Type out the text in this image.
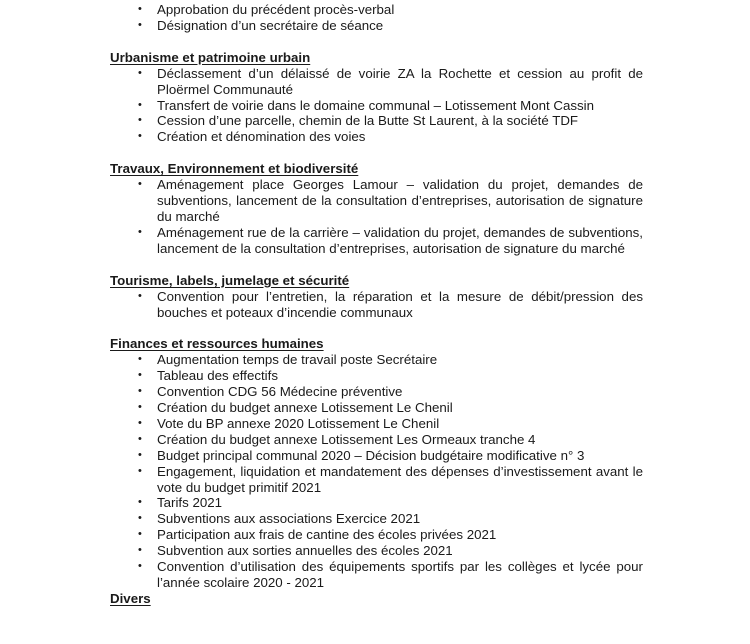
• Approbation du précédent procès-verbal
• Désignation d’un secrétaire de séance
Urbanisme et patrimoine urbain
• Déclassement d’un délaissé de voirie ZA la Rochette et cession au profit de Ploërmel Communauté
• Transfert de voirie dans le domaine communal – Lotissement Mont Cassin
• Cession d’une parcelle, chemin de la Butte St Laurent, à la société TDF
• Création et dénomination des voies
Travaux, Environnement et biodiversité
• Aménagement place Georges Lamour – validation du projet, demandes de subventions, lancement de la consultation d’entreprises, autorisation de signature du marché
• Aménagement rue de la carrière – validation du projet, demandes de subventions, lancement de la consultation d’entreprises, autorisation de signature du marché
Tourisme, labels, jumelage et sécurité
• Convention pour l’entretien, la réparation et la mesure de débit/pression des bouches et poteaux d’incendie communaux
Finances et ressources humaines
• Augmentation temps de travail poste Secrétaire
• Tableau des effectifs
• Convention CDG 56 Médecine préventive
• Création du budget annexe Lotissement Le Chenil
• Vote du BP annexe 2020 Lotissement Le Chenil
• Création du budget annexe Lotissement Les Ormeaux tranche 4
• Budget principal communal 2020 – Décision budgétaire modificative n° 3
• Engagement, liquidation et mandatement des dépenses d’investissement avant le vote du budget primitif 2021
• Tarifs 2021
• Subventions aux associations Exercice 2021
• Participation aux frais de cantine des écoles privées 2021
• Subvention aux sorties annuelles des écoles 2021
• Convention d’utilisation des équipements sportifs par les collèges et lycée pour l’année scolaire 2020 - 2021
Divers
